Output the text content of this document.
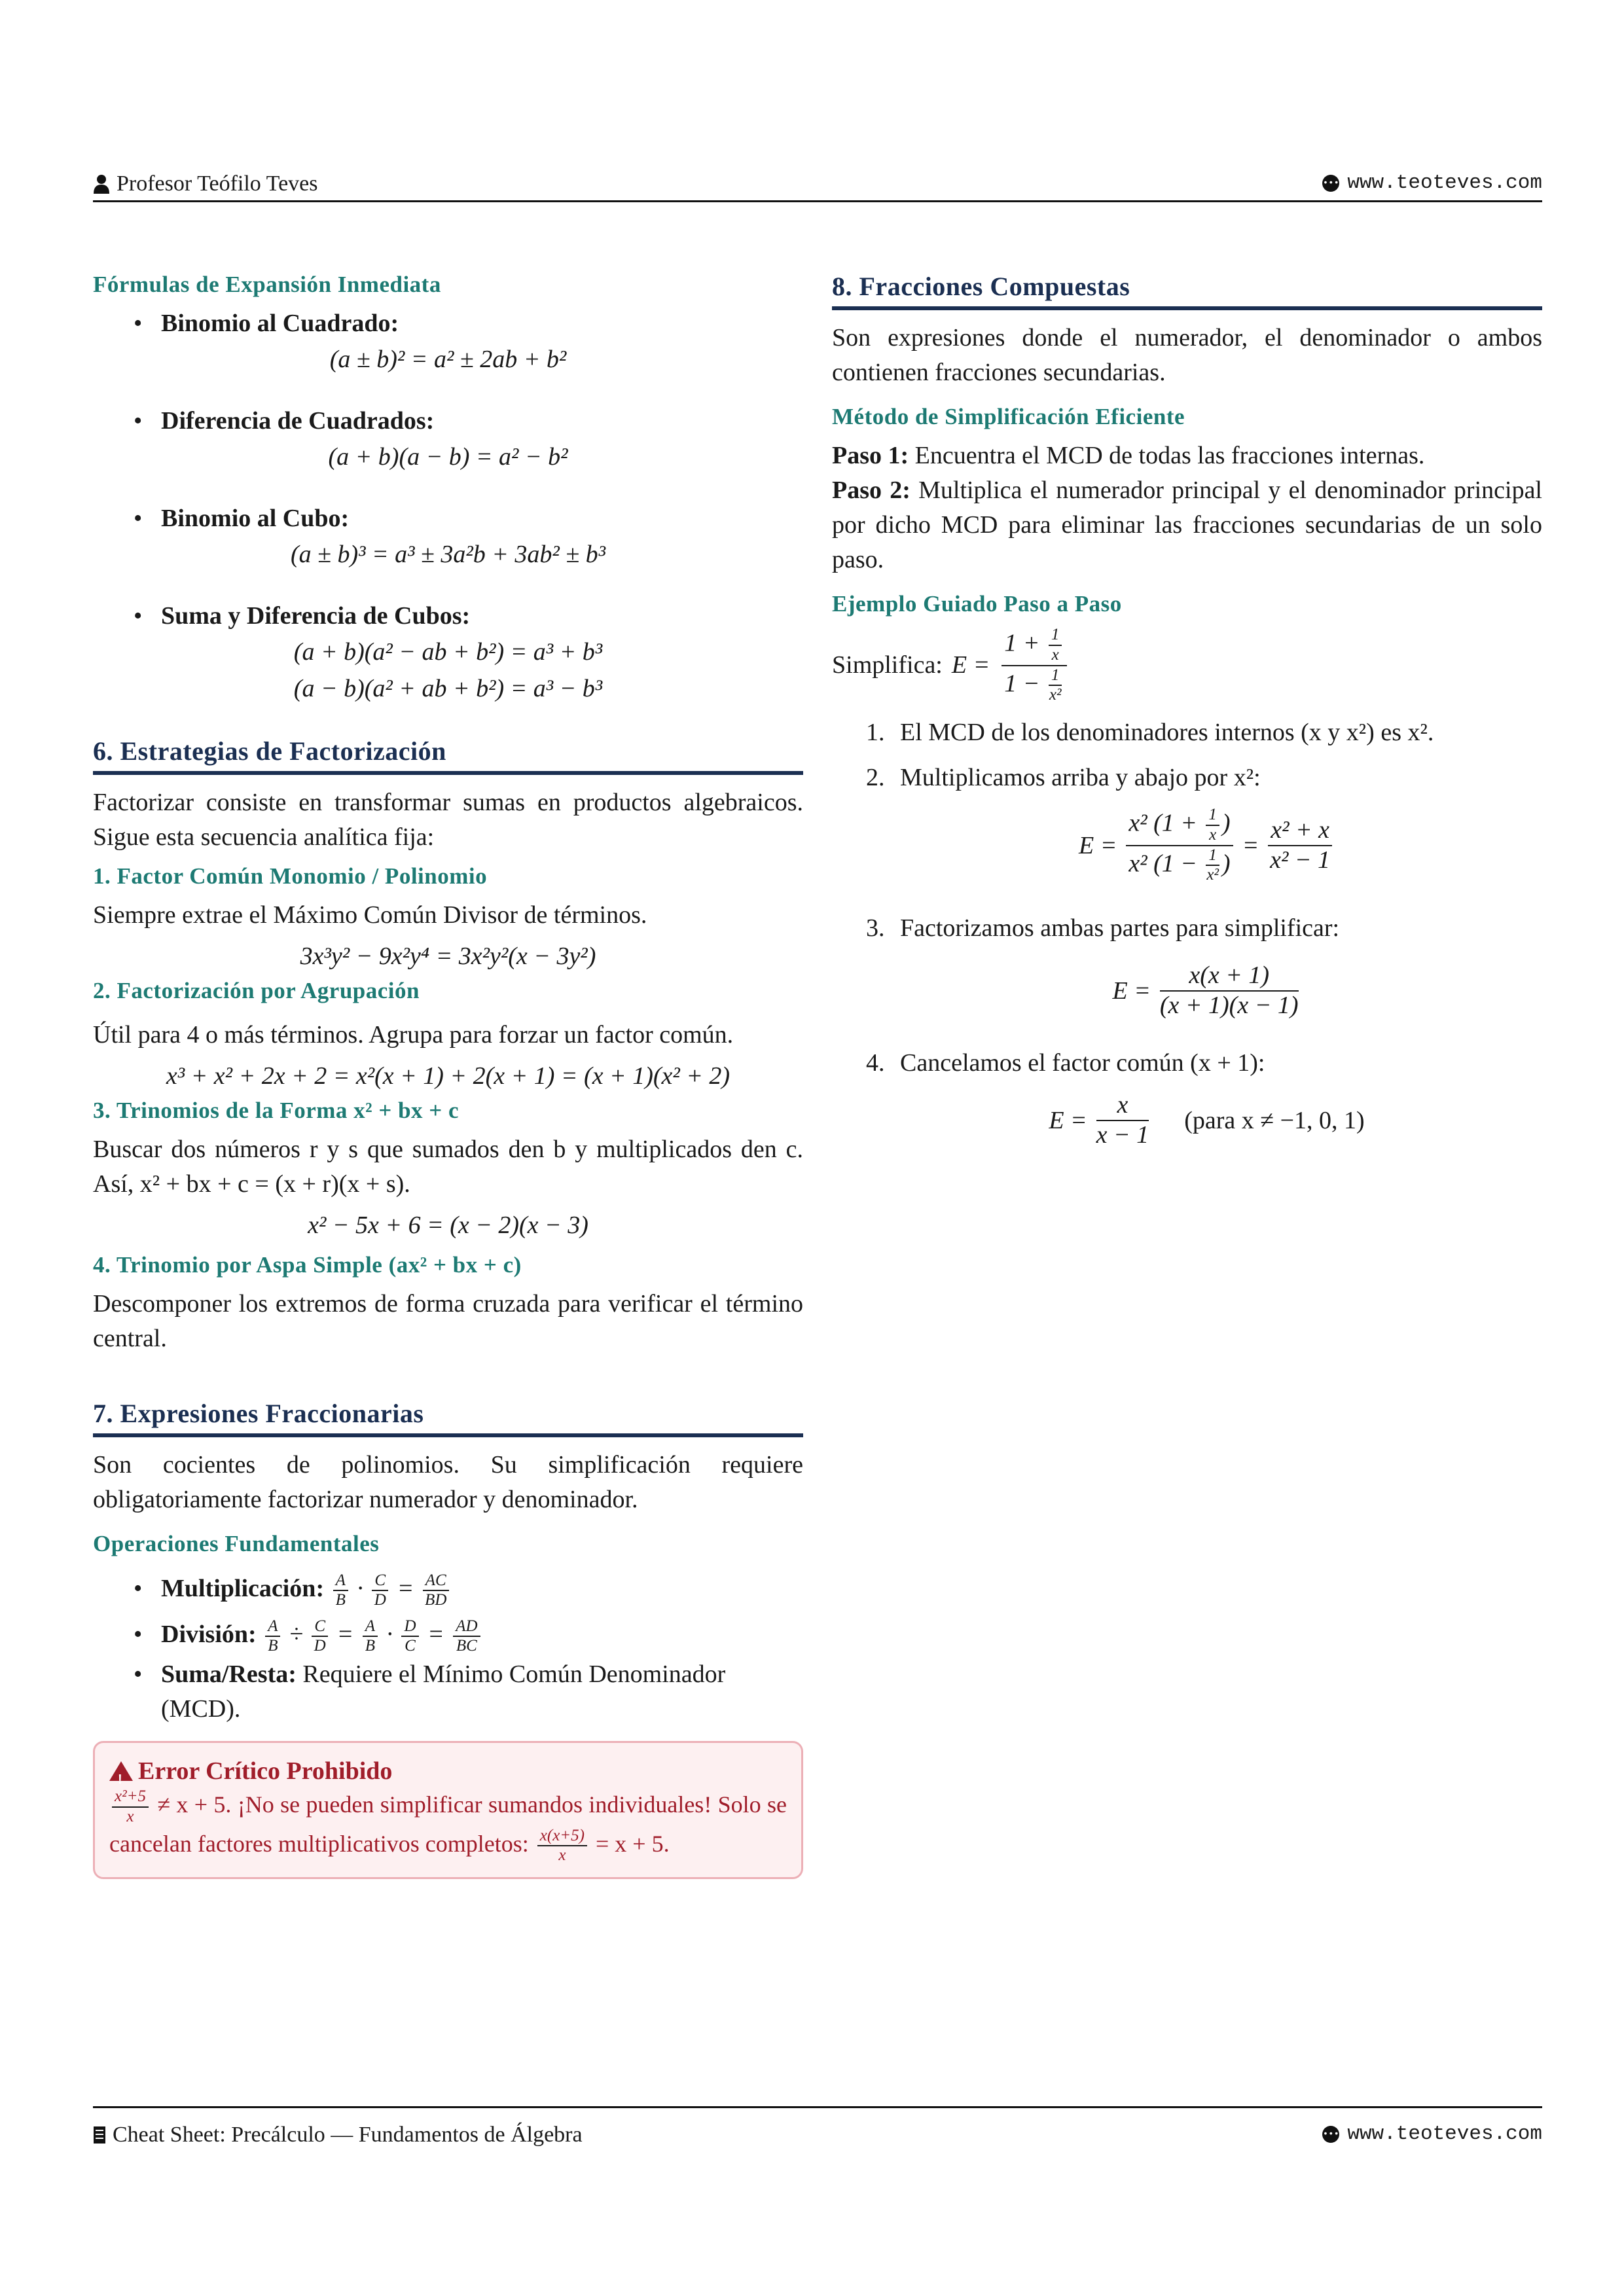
Profesor Teófilo Teves	••• www.teoteves.com
Fórmulas de Expansión Inmediata
• Binomio al Cuadrado:
(a ± b)² = a² ± 2ab + b²
• Diferencia de Cuadrados:
(a + b)(a − b) = a² − b²
• Binomio al Cubo:
(a ± b)³ = a³ ± 3a²b + 3ab² ± b³
• Suma y Diferencia de Cubos:
(a + b)(a² − ab + b²) = a³ + b³
(a − b)(a² + ab + b²) = a³ − b³
6. Estrategias de Factorización

Factorizar consiste en transformar sumas en productos algebraicos. Sigue esta secuencia analítica fija:

1. Factor Común Monomio / Polinomio

Siempre extrae el Máximo Común Divisor de términos.

3x³y² − 9x²y⁴ = 3x²y²(x − 3y²)
2. Factorización por Agrupación

Útil para 4 o más términos. Agrupa para forzar un factor común.

x³ + x² + 2x + 2 = x²(x + 1) + 2(x + 1) = (x + 1)(x² + 2)
3. Trinomios de la Forma x² + bx + c

Buscar dos números r y s que sumados den b y multiplicados den c. Así, x² + bx + c = (x + r)(x + s).

x² − 5x + 6 = (x − 2)(x − 3)
4. Trinomio por Aspa Simple (ax² + bx + c)

Descomponer los extremos de forma cruzada para verificar el término central.

7. Expresiones Fraccionarias

Son cocientes de polinomios. Su simplificación requiere obligatoriamente factorizar numerador y denominador.

Operaciones Fundamentales
• Multiplicación: $\frac{A}{B} \cdot \frac{C}{D} = \frac{AC}{BD}$
• División: $\frac{A}{B} \div \frac{C}{D} = \frac{A}{B} \cdot \frac{D}{C} = \frac{AD}{BC}$
• Suma/Resta: Requiere el Mínimo Común Denominador (MCD).
!
Error Crítico Prohibido

$\frac{\text{x²+5}}{x} \ne x + 5$. ¡No se pueden simplificar sumandos individuales! Solo se cancelan factores multiplicativos completos: $\frac{x(x+5)}{x} = x + 5$.

8. Fracciones Compuestas

Son expresiones donde el numerador, el denominador o ambos contienen fracciones secundarias.

Método de Simplificación Eficiente

Paso 1: Encuentra el MCD de todas las fracciones internas.

Paso 2: Multiplica el numerador principal y el denominador principal por dicho MCD para eliminar las fracciones secundarias de un solo paso.

Ejemplo Guiado Paso a Paso

Simplifica: $E = \frac{1 + \frac{1}{x}}{1 - \frac{1}{\text{x²}}}$

1. El MCD de los denominadores internos (x y x²) es x².
2. Multiplicamos arriba y abajo por x²:
$E = \frac{x^2 (1 + \frac{1}{x} )}{x^2 (1 - \frac{1}{\text{x²}} )} = \frac{\text{x² + x}}{\text{x² − 1}}$
3. Factorizamos ambas partes para simplificar:
$E = \frac{x(x + 1)}{(x + 1)(x - 1)}$
4. Cancelamos el factor común (x + 1):
$E = \frac{x}{x - 1}$ (para x ≠ −1, 0, 1)
Cheat Sheet: Precálculo — Fundamentos de Álgebra	••• www.teoteves.com
